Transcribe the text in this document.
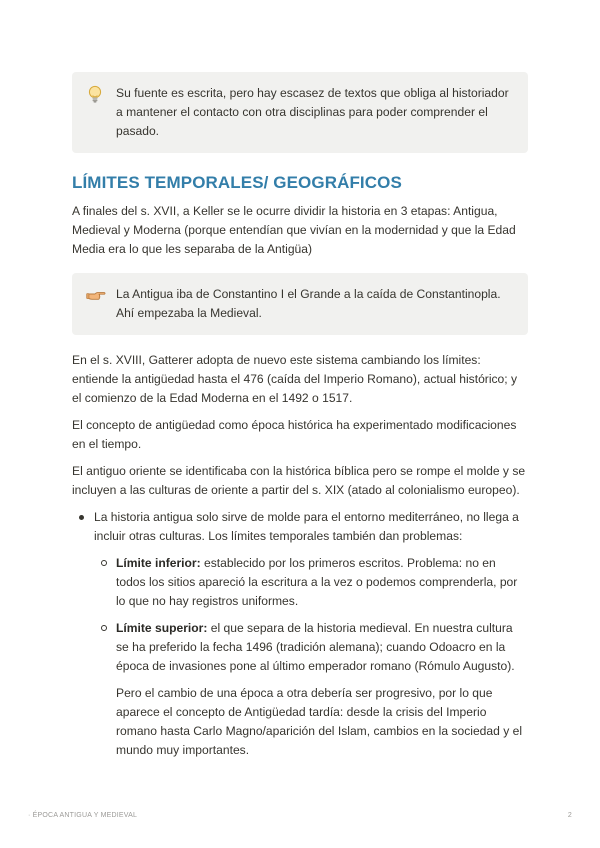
Su fuente es escrita, pero hay escasez de textos que obliga al historiador a mantener el contacto con otra disciplinas para poder comprender el pasado.
LÍMITES TEMPORALES/ GEOGRÁFICOS

A finales del s. XVII, a Keller se le ocurre dividir la historia en 3 etapas: Antigua, Medieval y Moderna (porque entendían que vivían en la modernidad y que la Edad Media era lo que les separaba de la Antigüa)

La Antigua iba de Constantino I el Grande a la caída de Constantinopla. Ahí empezaba la Medieval.

En el s. XVIII, Gatterer adopta de nuevo este sistema cambiando los límites: entiende la antigüedad hasta el 476 (caída del Imperio Romano), actual histórico; y el comienzo de la Edad Moderna en el 1492 o 1517.

El concepto de antigüedad como época histórica ha experimentado modificaciones en el tiempo.

El antiguo oriente se identificaba con la histórica bíblica pero se rompe el molde y se incluyen a las culturas de oriente a partir del s. XIX (atado al colonialismo europeo).

La historia antigua solo sirve de molde para el entorno mediterráneo, no llega a incluir otras culturas. Los límites temporales también dan problemas:
Límite inferior: establecido por los primeros escritos. Problema: no en todos los sitios apareció la escritura a la vez o podemos comprenderla, por lo que no hay registros uniformes.
Límite superior: el que separa de la historia medieval. En nuestra cultura se ha preferido la fecha 1496 (tradición alemana); cuando Odoacro en la época de invasiones pone al último emperador romano (Rómulo Augusto).

Pero el cambio de una época a otra debería ser progresivo, por lo que aparece el concepto de Antigüedad tardía: desde la crisis del Imperio romano hasta Carlo Magno/aparición del Islam, cambios en la sociedad y el mundo muy importantes.

· ÉPOCA ANTIGUA Y MEDIEVAL	2
